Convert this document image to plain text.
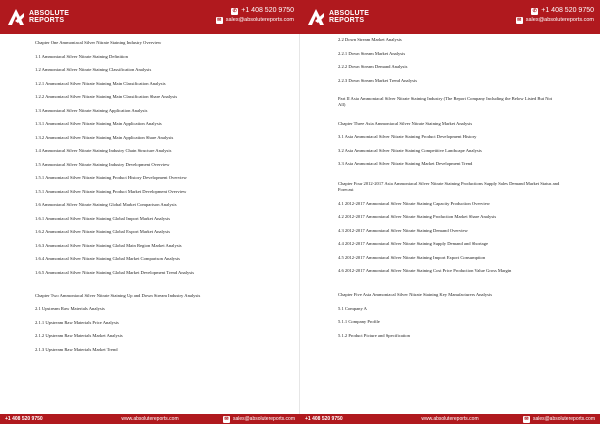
ABSOLUTE
REPORTS
✆ +1 408 520 9750
✉ sales@absolutereports.com
Chapter One Ammoniacal Silver Nitrate Staining Industry Overview
1.1 Ammoniacal Silver Nitrate Staining Definition
1.2 Ammoniacal Silver Nitrate Staining Classification Analysis
1.2.1 Ammoniacal Silver Nitrate Staining Main Classification Analysis
1.2.2 Ammoniacal Silver Nitrate Staining Main Classification Share Analysis
1.3 Ammoniacal Silver Nitrate Staining Application Analysis
1.3.1 Ammoniacal Silver Nitrate Staining Main Application Analysis
1.3.2 Ammoniacal Silver Nitrate Staining Main Application Share Analysis
1.4 Ammoniacal Silver Nitrate Staining Industry Chain Structure Analysis
1.5 Ammoniacal Silver Nitrate Staining Industry Development Overview
1.5.1 Ammoniacal Silver Nitrate Staining Product History Development Overview
1.5.1 Ammoniacal Silver Nitrate Staining Product Market Development Overview
1.6 Ammoniacal Silver Nitrate Staining Global Market Comparison Analysis
1.6.1 Ammoniacal Silver Nitrate Staining Global Import Market Analysis
1.6.2 Ammoniacal Silver Nitrate Staining Global Export Market Analysis
1.6.3 Ammoniacal Silver Nitrate Staining Global Main Region Market Analysis
1.6.4 Ammoniacal Silver Nitrate Staining Global Market Comparison Analysis
1.6.5 Ammoniacal Silver Nitrate Staining Global Market Development Trend Analysis
Chapter Two Ammoniacal Silver Nitrate Staining Up and Down Stream Industry Analysis
2.1 Upstream Raw Materials Analysis
2.1.1 Upstream Raw Materials Price Analysis
2.1.2 Upstream Raw Materials Market Analysis
2.1.3 Upstream Raw Materials Market Trend
+1 408 520 9750	www.absolutereports.com	✉ sales@absolutereports.com
ABSOLUTE
REPORTS
✆ +1 408 520 9750
✉ sales@absolutereports.com
2.2 Down Stream Market Analysis
2.2.1 Down Stream Market Analysis
2.2.2 Down Stream Demand Analysis
2.2.3 Down Stream Market Trend Analysis
Part II Asia Ammoniacal Silver Nitrate Staining Industry (The Report Company Including the Below Listed But Not All)
Chapter Three Asia Ammoniacal Silver Nitrate Staining Market Analysis
3.1 Asia Ammoniacal Silver Nitrate Staining Product Development History
3.2 Asia Ammoniacal Silver Nitrate Staining Competitive Landscape Analysis
3.3 Asia Ammoniacal Silver Nitrate Staining Market Development Trend
Chapter Four 2012-2017 Asia Ammoniacal Silver Nitrate Staining Productions Supply Sales Demand Market Status and Forecast
4.1 2012-2017 Ammoniacal Silver Nitrate Staining Capacity Production Overview
4.2 2012-2017 Ammoniacal Silver Nitrate Staining Production Market Share Analysis
4.3 2012-2017 Ammoniacal Silver Nitrate Staining Demand Overview
4.4 2012-2017 Ammoniacal Silver Nitrate Staining Supply Demand and Shortage
4.5 2012-2017 Ammoniacal Silver Nitrate Staining Import Export Consumption
4.6 2012-2017 Ammoniacal Silver Nitrate Staining Cost Price Production Value Gross Margin
Chapter Five Asia Ammoniacal Silver Nitrate Staining Key Manufacturers Analysis
5.1 Company A
5.1.1 Company Profile
5.1.2 Product Picture and Specification
+1 408 520 9750	www.absolutereports.com	✉ sales@absolutereports.com
